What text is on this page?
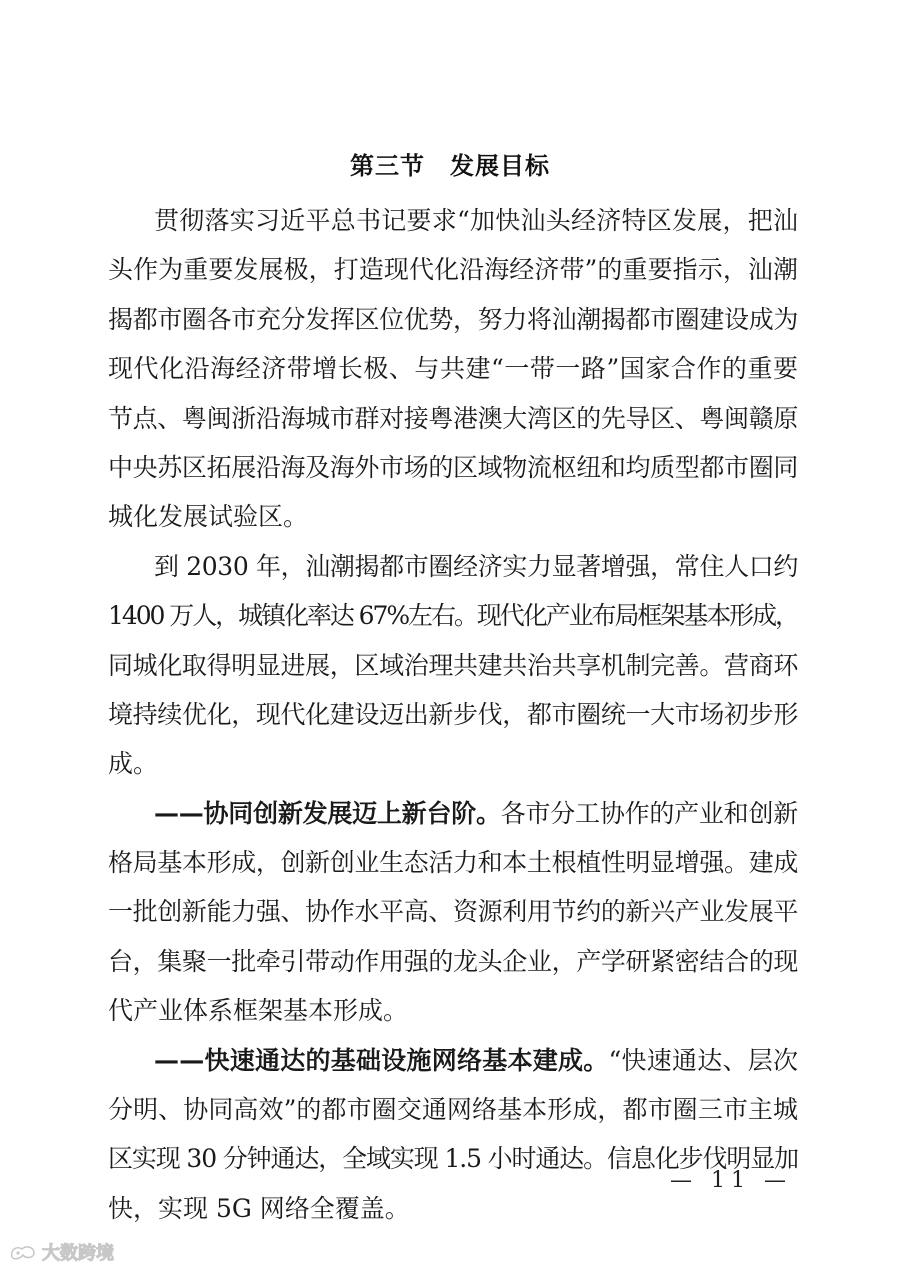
第三节　发展目标
贯彻落实习近平总书记要求“加快汕头经济特区发展，把汕
头作为重要发展极，打造现代化沿海经济带”的重要指示，汕潮
揭都市圈各市充分发挥区位优势，努力将汕潮揭都市圈建设成为
现代化沿海经济带增长极、与共建“一带一路”国家合作的重要
节点、粤闽浙沿海城市群对接粤港澳大湾区的先导区、粤闽赣原
中央苏区拓展沿海及海外市场的区域物流枢纽和均质型都市圈同
城化发展试验区。
到 2030 年，汕潮揭都市圈经济实力显著增强，常住人口约
1400 万人，城镇化率达 67%左右。现代化产业布局框架基本形成，
同城化取得明显进展，区域治理共建共治共享机制完善。营商环
境持续优化，现代化建设迈出新步伐，都市圈统一大市场初步形
成。
——协同创新发展迈上新台阶。各市分工协作的产业和创新
格局基本形成，创新创业生态活力和本土根植性明显增强。建成
一批创新能力强、协作水平高、资源利用节约的新兴产业发展平
台，集聚一批牵引带动作用强的龙头企业，产学研紧密结合的现
代产业体系框架基本形成。
——快速通达的基础设施网络基本建成。“快速通达、层次
分明、协同高效”的都市圈交通网络基本形成，都市圈三市主城
区实现 30 分钟通达，全域实现 1.5 小时通达。信息化步伐明显加
快，实现 5G 网络全覆盖。
— 11 —
大数跨境
